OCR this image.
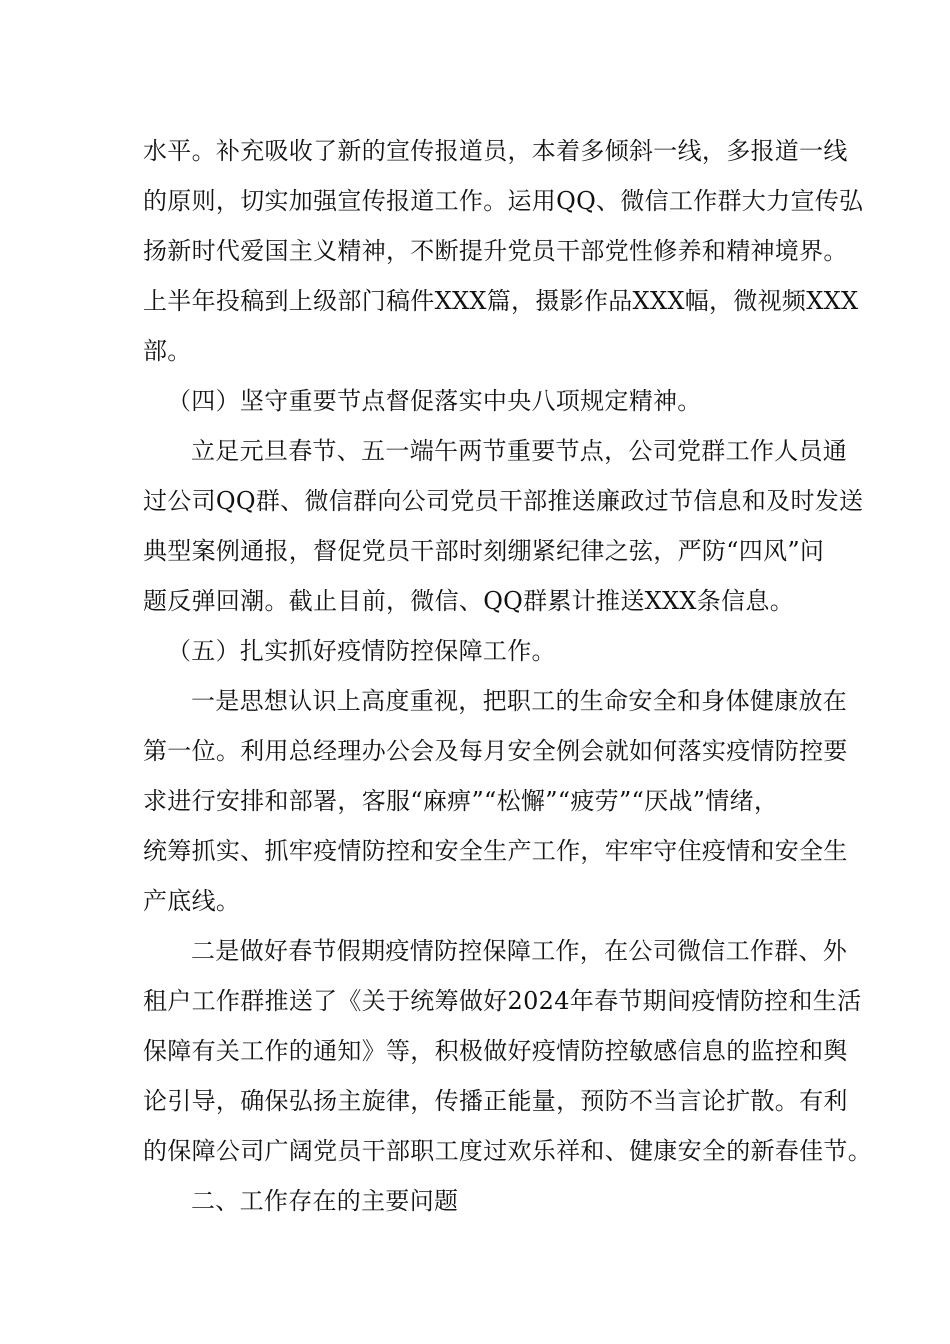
水平。补充吸收了新的宣传报道员，本着多倾斜一线，多报道一线
的原则，切实加强宣传报道工作。运用QQ、微信工作群大力宣传弘
扬新时代爱国主义精神，不断提升党员干部党性修养和精神境界。
上半年投稿到上级部门稿件XXX篇，摄影作品XXX幅，微视频XXX
部。
（四）坚守重要节点督促落实中央八项规定精神。
立足元旦春节、五一端午两节重要节点，公司党群工作人员通
过公司QQ群、微信群向公司党员干部推送廉政过节信息和及时发送
典型案例通报，督促党员干部时刻绷紧纪律之弦，严防“四风”问
题反弹回潮。截止目前，微信、QQ群累计推送XXX条信息。
（五）扎实抓好疫情防控保障工作。
一是思想认识上高度重视，把职工的生命安全和身体健康放在
第一位。利用总经理办公会及每月安全例会就如何落实疫情防控要
求进行安排和部署，客服“麻痹”“松懈”“疲劳”“厌战”情绪，
统筹抓实、抓牢疫情防控和安全生产工作，牢牢守住疫情和安全生
产底线。
二是做好春节假期疫情防控保障工作，在公司微信工作群、外
租户工作群推送了《关于统筹做好2024年春节期间疫情防控和生活
保障有关工作的通知》等，积极做好疫情防控敏感信息的监控和舆
论引导，确保弘扬主旋律，传播正能量，预防不当言论扩散。有利
的保障公司广阔党员干部职工度过欢乐祥和、健康安全的新春佳节。
二、工作存在的主要问题
